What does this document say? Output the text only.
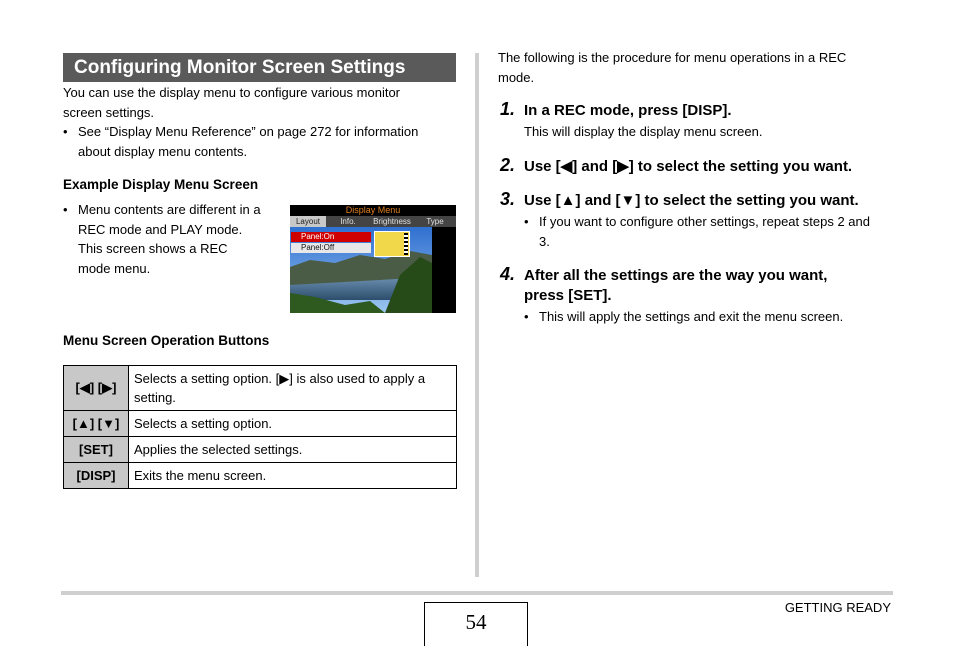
Configuring Monitor Screen Settings
You can use the display menu to configure various monitor
screen settings.
• See “Display Menu Reference” on page 272 for information
about display menu contents.
Example Display Menu Screen
• Menu contents are different in a
REC mode and PLAY mode.
This screen shows a REC
mode menu.
Display Menu
Layout	Info.	Brightness	Type
Panel:On
Panel:Off
Menu Screen Operation Buttons
[◀] [▶]	Selects a setting option. [▶] is also used to apply a
setting.

[▲] [▼]	Selects a setting option.
[SET]	Applies the selected settings.
[DISP]	Exits the menu screen.
The following is the procedure for menu operations in a REC
mode.
1. In a REC mode, press [DISP].
This will display the display menu screen.
2. Use [◀] and [▶] to select the setting you want.
3. Use [▲] and [▼] to select the setting you want.
• If you want to configure other settings, repeat steps 2 and
3.
4. After all the settings are the way you want,
press [SET].
• This will apply the settings and exit the menu screen.
54
GETTING READY
